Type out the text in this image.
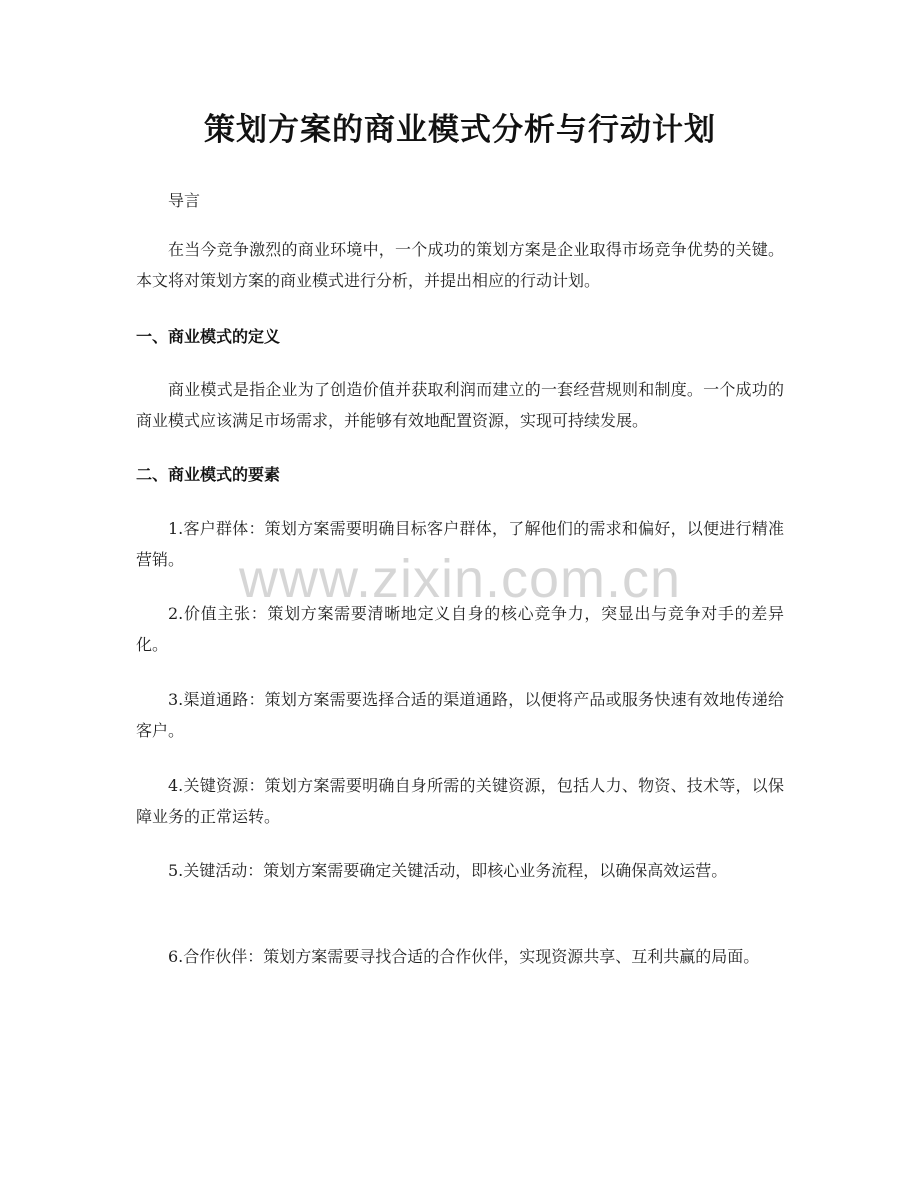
策划方案的商业模式分析与行动计划
导言
在当今竞争激烈的商业环境中，一个成功的策划方案是企业取得市场竞争优势的关键。本文将对策划方案的商业模式进行分析，并提出相应的行动计划。
一、商业模式的定义
商业模式是指企业为了创造价值并获取利润而建立的一套经营规则和制度。一个成功的商业模式应该满足市场需求，并能够有效地配置资源，实现可持续发展。
二、商业模式的要素
1.客户群体：策划方案需要明确目标客户群体，了解他们的需求和偏好，以便进行精准营销。
2.价值主张：策划方案需要清晰地定义自身的核心竞争力，突显出与竞争对手的差异化。
3.渠道通路：策划方案需要选择合适的渠道通路，以便将产品或服务快速有效地传递给客户。
4.关键资源：策划方案需要明确自身所需的关键资源，包括人力、物资、技术等，以保障业务的正常运转。
5.关键活动：策划方案需要确定关键活动，即核心业务流程，以确保高效运营。
6.合作伙伴：策划方案需要寻找合适的合作伙伴，实现资源共享、互利共赢的局面。
www.zixin.com.cn
